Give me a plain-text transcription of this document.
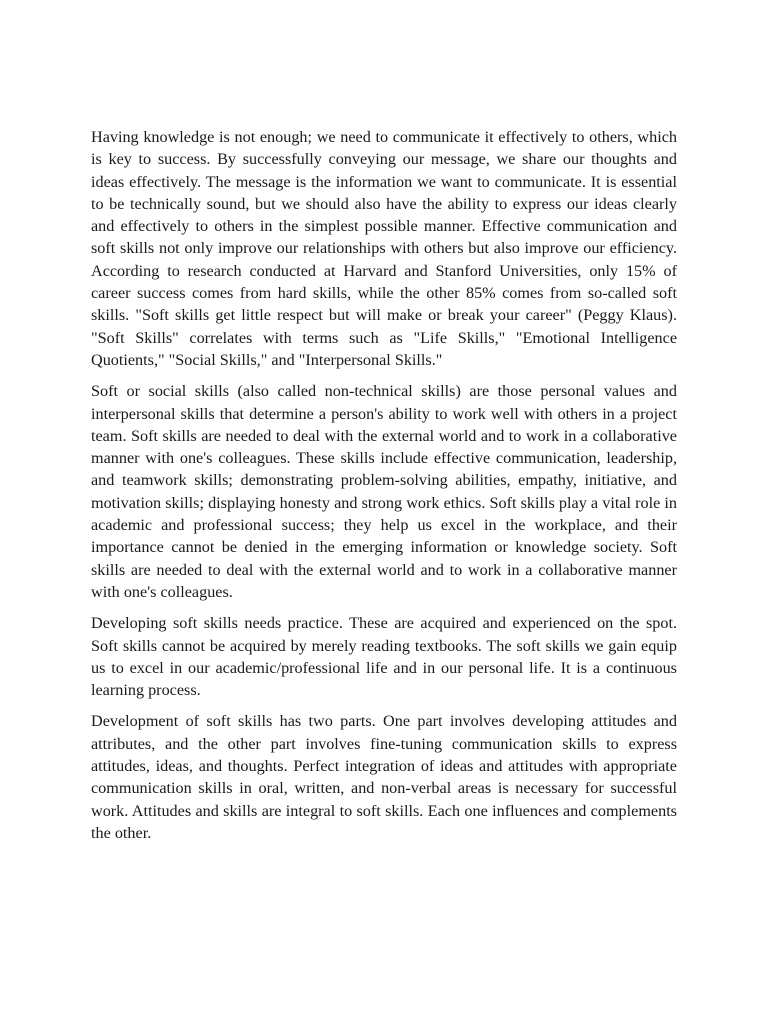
Having knowledge is not enough; we need to communicate it effectively to others, which is key to success. By successfully conveying our message, we share our thoughts and ideas effectively. The message is the information we want to communicate. It is essential to be technically sound, but we should also have the ability to express our ideas clearly and effectively to others in the simplest possible manner. Effective communication and soft skills not only improve our relationships with others but also improve our efficiency. According to research conducted at Harvard and Stanford Universities, only 15% of career success comes from hard skills, while the other 85% comes from so-called soft skills. "Soft skills get little respect but will make or break your career" (Peggy Klaus). "Soft Skills" correlates with terms such as "Life Skills," "Emotional Intelligence Quotients," "Social Skills," and "Interpersonal Skills."

Soft or social skills (also called non-technical skills) are those personal values and interpersonal skills that determine a person's ability to work well with others in a project team. Soft skills are needed to deal with the external world and to work in a collaborative manner with one's colleagues. These skills include effective communication, leadership, and teamwork skills; demonstrating problem-solving abilities, empathy, initiative, and motivation skills; displaying honesty and strong work ethics. Soft skills play a vital role in academic and professional success; they help us excel in the workplace, and their importance cannot be denied in the emerging information or knowledge society. Soft skills are needed to deal with the external world and to work in a collaborative manner with one's colleagues.

Developing soft skills needs practice. These are acquired and experienced on the spot. Soft skills cannot be acquired by merely reading textbooks. The soft skills we gain equip us to excel in our academic/professional life and in our personal life. It is a continuous learning process.

Development of soft skills has two parts. One part involves developing attitudes and attributes, and the other part involves fine-tuning communication skills to express attitudes, ideas, and thoughts. Perfect integration of ideas and attitudes with appropriate communication skills in oral, written, and non-verbal areas is necessary for successful work. Attitudes and skills are integral to soft skills. Each one influences and complements the other.
